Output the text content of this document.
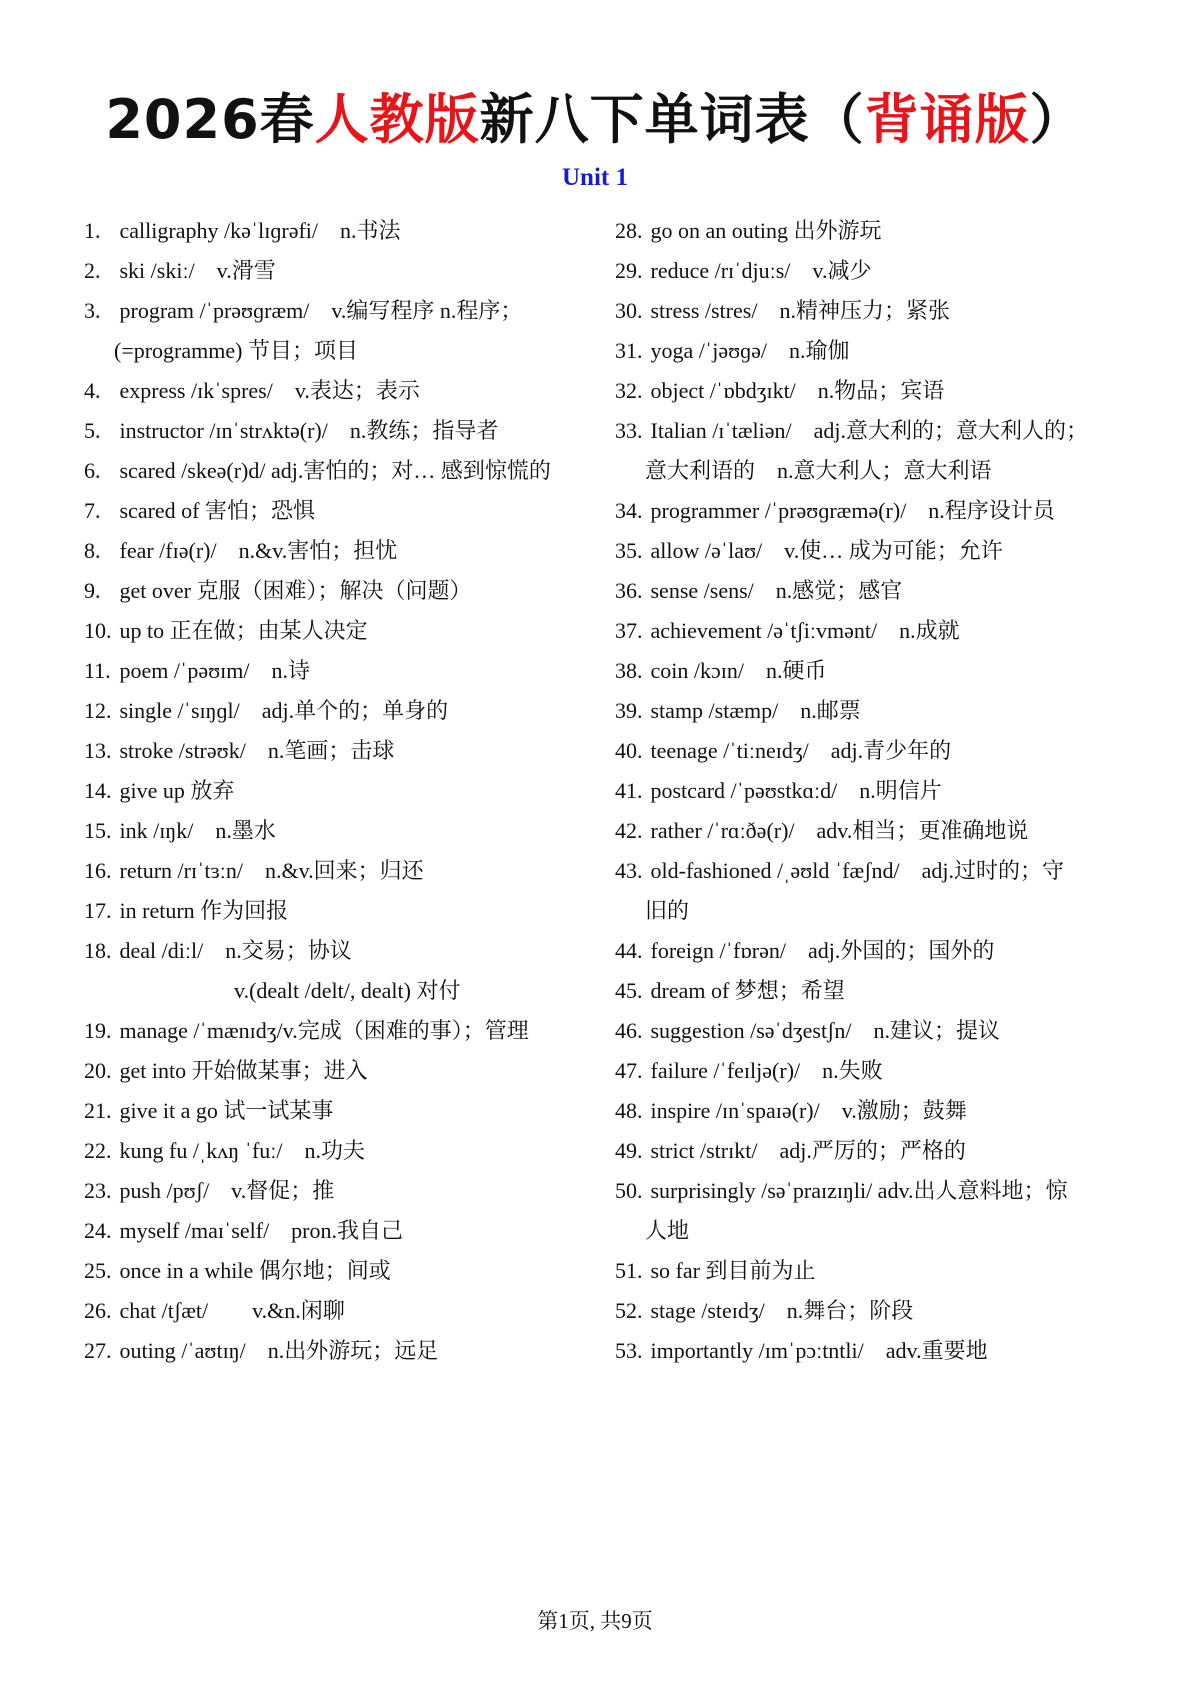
2026春人教版新八下单词表（背诵版）
Unit 1
1. calligraphy /kəˈlɪɡrəfi/　n.书法
2. ski /skiː/　v.滑雪
3. program /ˈprəʊɡræm/　v.编写程序 n.程序；
(=programme) 节目；项目
4. express /ɪkˈspres/　v.表达；表示
5. instructor /ɪnˈstrʌktə(r)/　n.教练；指导者
6. scared /skeə(r)d/ adj.害怕的；对… 感到惊慌的
7. scared of 害怕；恐惧
8. fear /fɪə(r)/　n.&v.害怕；担忧
9. get over 克服（困难）；解决（问题）
10. up to 正在做；由某人决定
11. poem /ˈpəʊɪm/　n.诗
12. single /ˈsɪŋɡl/　adj.单个的；单身的
13. stroke /strəʊk/　n.笔画；击球
14. give up 放弃
15. ink /ɪŋk/　n.墨水
16. return /rɪˈtɜːn/　n.&v.回来；归还
17. in return 作为回报
18. deal /diːl/　n.交易；协议
v.(dealt /delt/, dealt) 对付
19. manage /ˈmænɪdʒ/v.完成（困难的事）；管理
20. get into 开始做某事；进入
21. give it a go 试一试某事
22. kung fu /ˌkʌŋ ˈfuː/　n.功夫
23. push /pʊʃ/　v.督促；推
24. myself /maɪˈself/　pron.我自己
25. once in a while 偶尔地；间或
26. chat /tʃæt/　　v.&n.闲聊
27. outing /ˈaʊtɪŋ/　n.出外游玩；远足
28. go on an outing 出外游玩
29. reduce /rɪˈdjuːs/　v.减少
30. stress /stres/　n.精神压力；紧张
31. yoga /ˈjəʊɡə/　n.瑜伽
32. object /ˈɒbdʒɪkt/　n.物品；宾语
33. Italian /ɪˈtæliən/　adj.意大利的；意大利人的；
意大利语的　n.意大利人；意大利语
34. programmer /ˈprəʊɡræmə(r)/　n.程序设计员
35. allow /əˈlaʊ/　v.使… 成为可能；允许
36. sense /sens/　n.感觉；感官
37. achievement /əˈtʃiːvmənt/　n.成就
38. coin /kɔɪn/　n.硬币
39. stamp /stæmp/　n.邮票
40. teenage /ˈtiːneɪdʒ/　adj.青少年的
41. postcard /ˈpəʊstkɑːd/　n.明信片
42. rather /ˈrɑːðə(r)/　adv.相当；更准确地说
43. old-fashioned /ˌəʊld ˈfæʃnd/　adj.过时的；守
旧的
44. foreign /ˈfɒrən/　adj.外国的；国外的
45. dream of 梦想；希望
46. suggestion /səˈdʒestʃn/　n.建议；提议
47. failure /ˈfeɪljə(r)/　n.失败
48. inspire /ɪnˈspaɪə(r)/　v.激励；鼓舞
49. strict /strɪkt/　adj.严厉的；严格的
50. surprisingly /səˈpraɪzɪŋli/ adv.出人意料地；惊
人地
51. so far 到目前为止
52. stage /steɪdʒ/　n.舞台；阶段
53. importantly /ɪmˈpɔːtntli/　adv.重要地
第1页, 共9页
